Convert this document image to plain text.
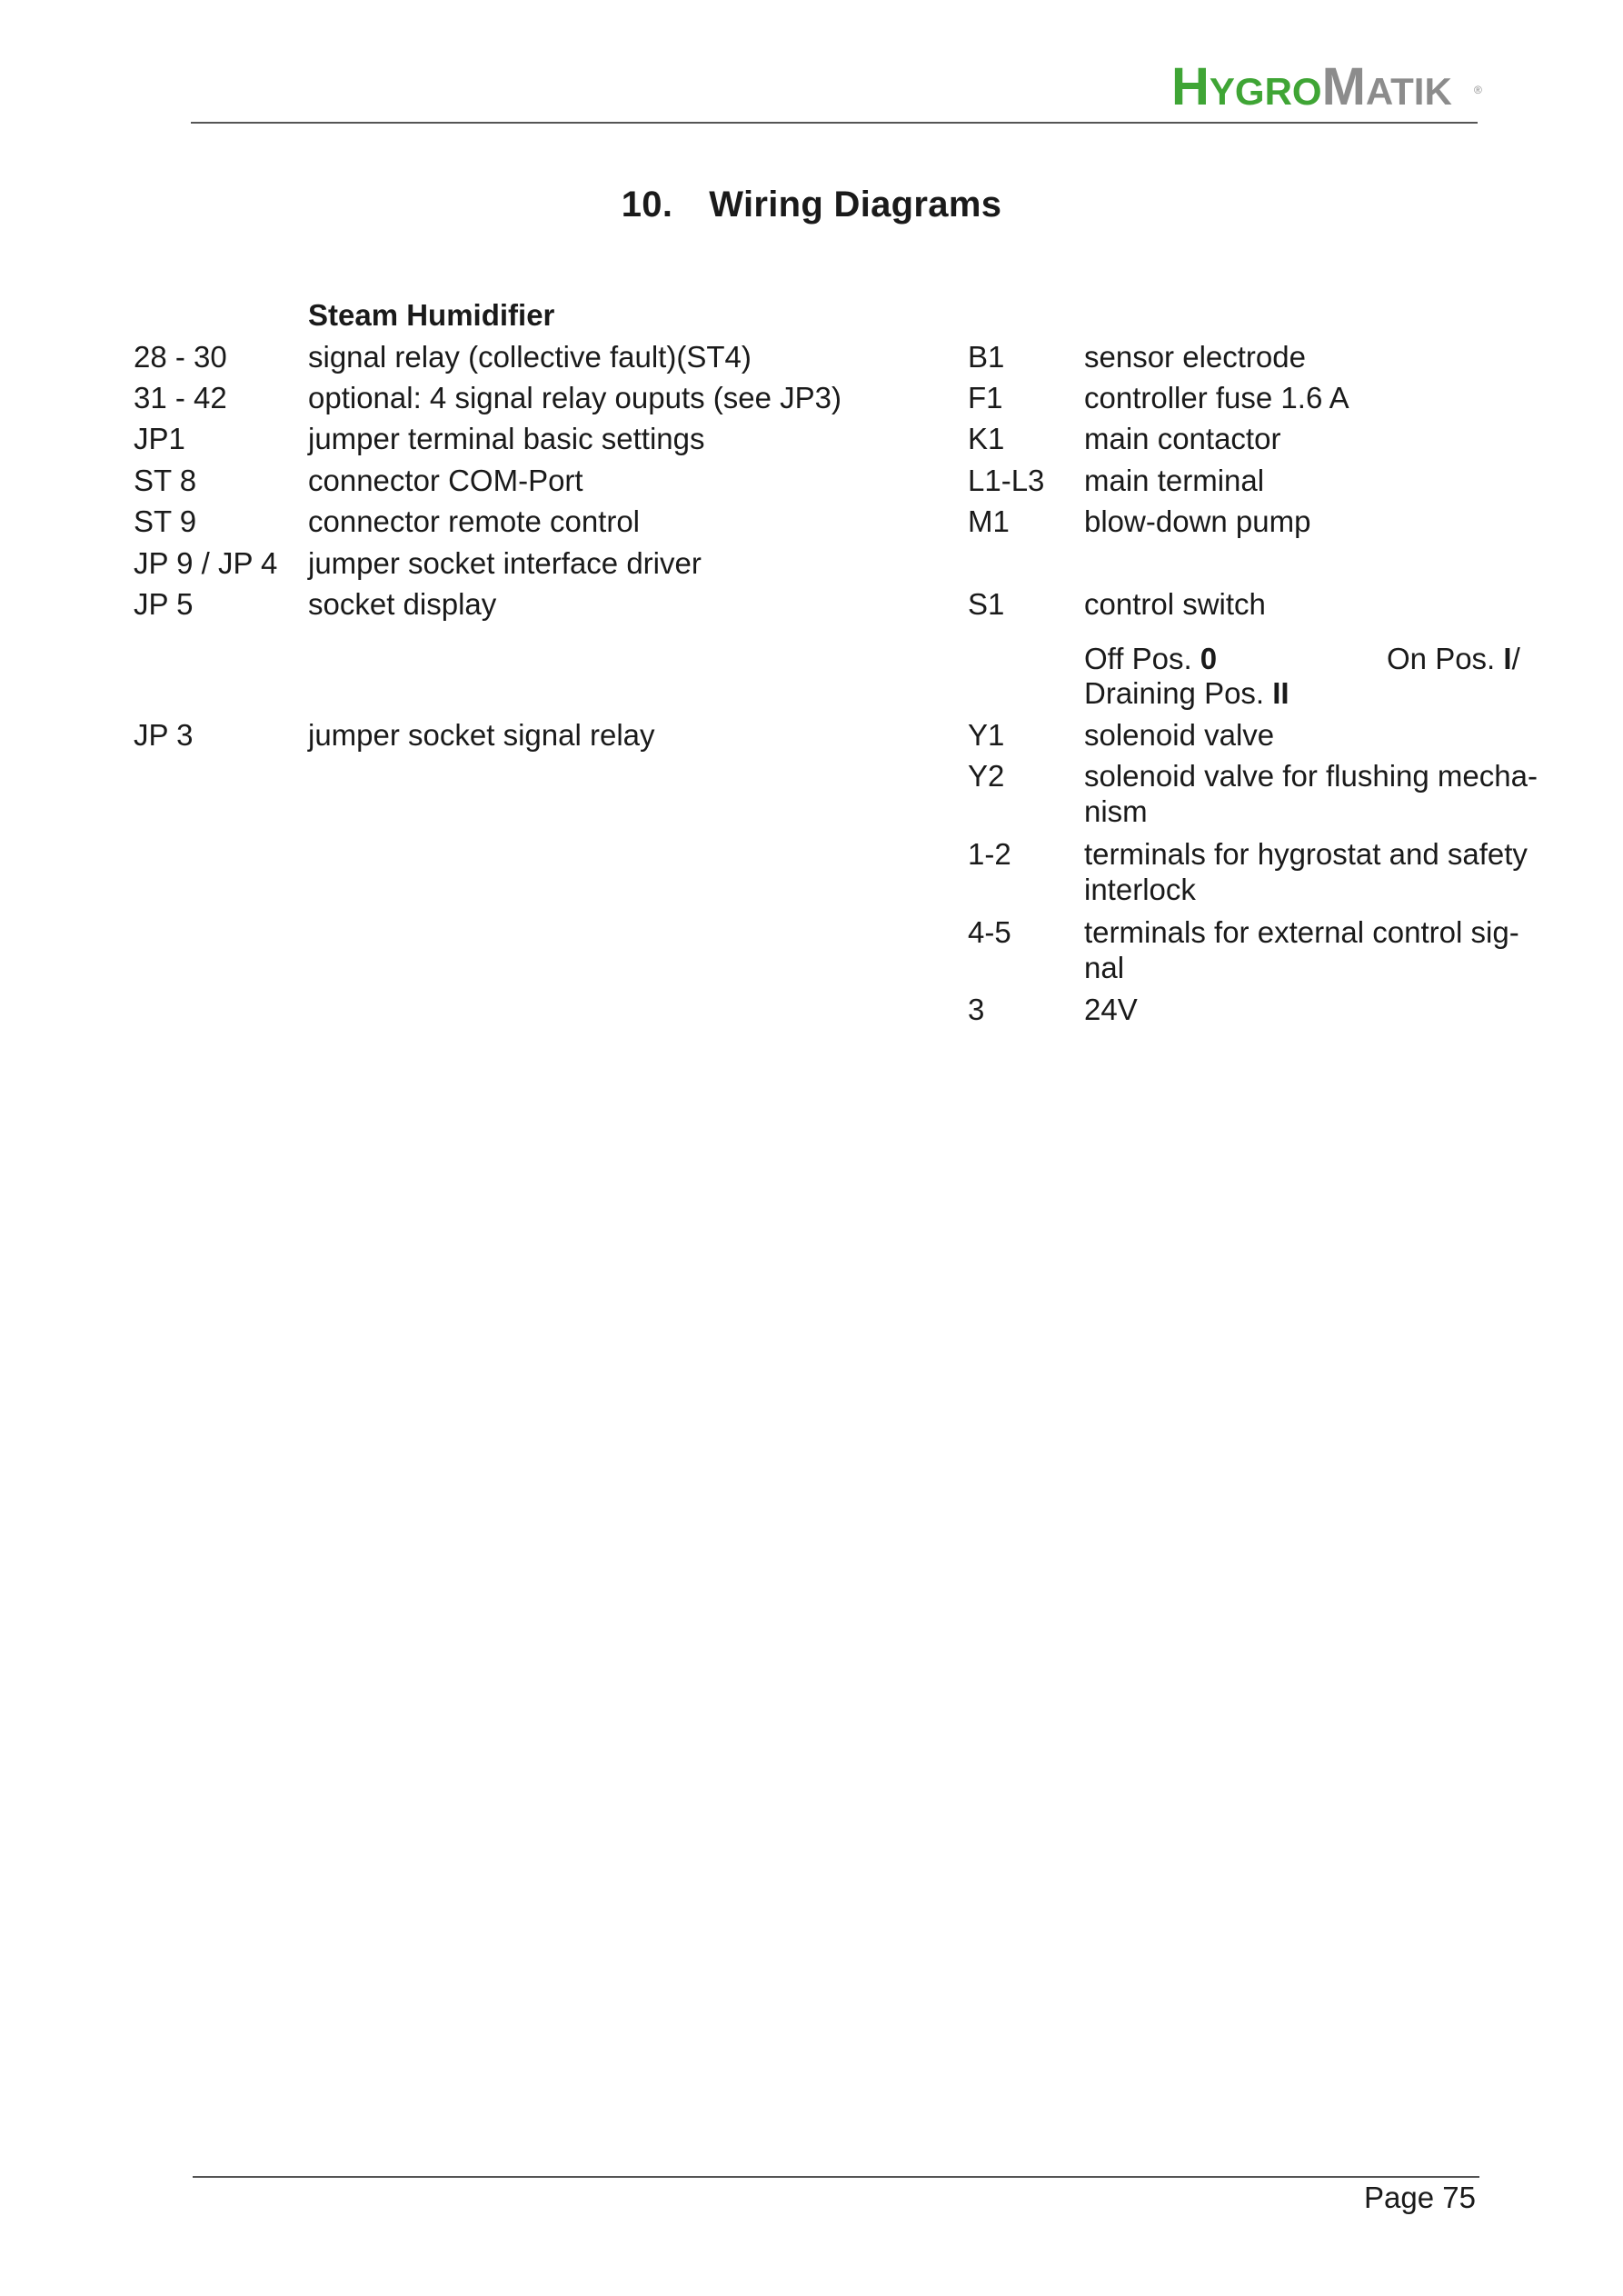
HYGROMATIK ®
10. Wiring Diagrams
Steam Humidifier
28 - 30	signal relay (collective fault)(ST4)
31 - 42	optional: 4 signal relay ouputs (see JP3)
JP1	jumper terminal basic settings
ST 8	connector COM-Port
ST 9	connector remote control
JP 9 / JP 4 jumper socket interface driver
JP 5	socket display
JP 3	jumper socket signal relay
B1	sensor electrode
F1	controller fuse 1.6 A
K1	main contactor
L1-L3 main terminal
M1 blow-down pump
S1	control switch
Off Pos. 0	On Pos. I/
Draining Pos. II
Y1	solenoid valve
Y2	solenoid valve for flushing mecha-
nism
1-2 terminals for hygrostat and safety
interlock
4-5 terminals for external control sig-
nal
3	24V
Page 75
